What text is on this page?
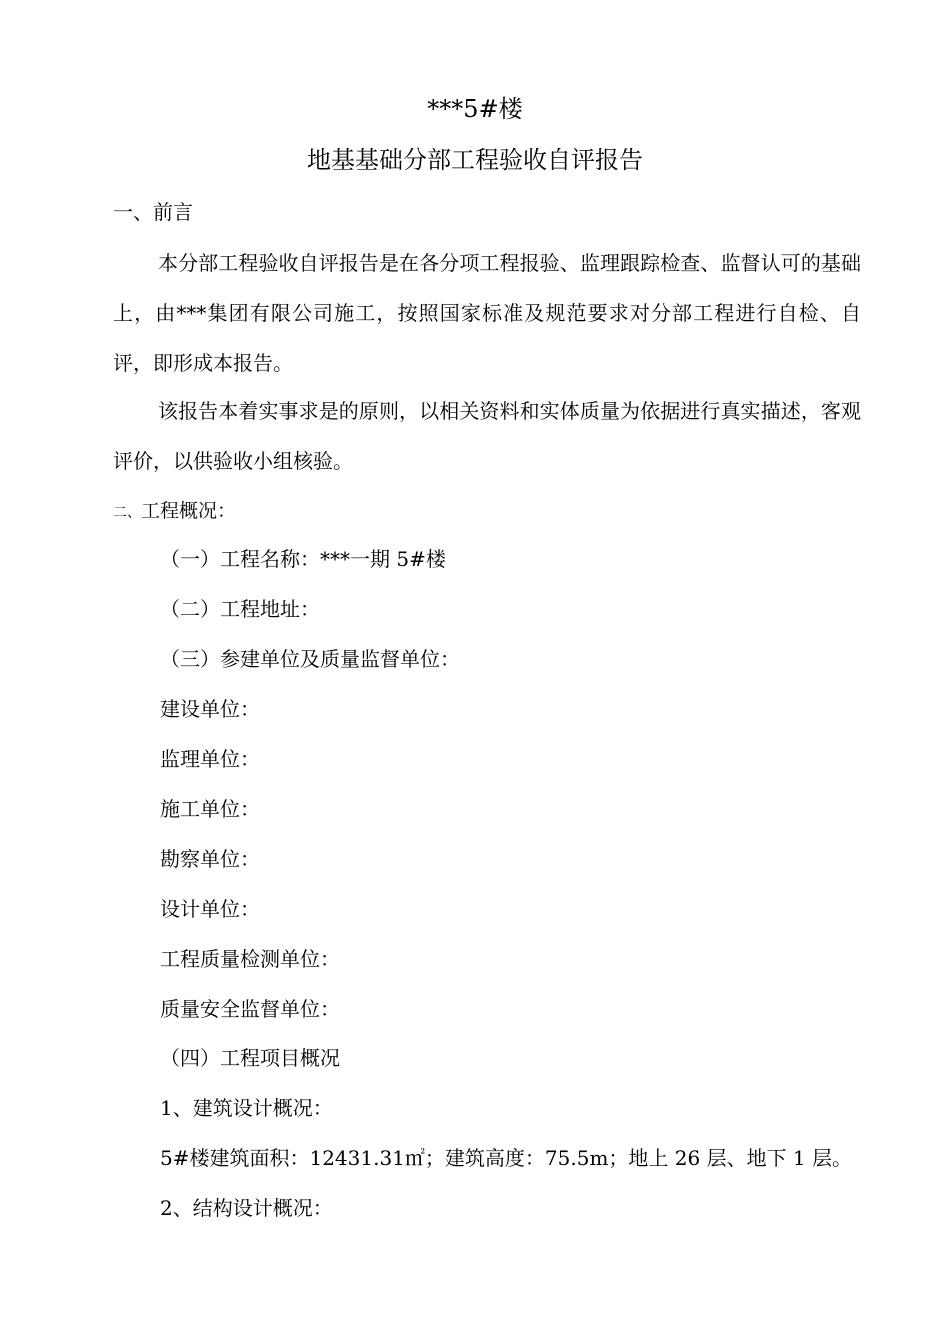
***5#楼
地基基础分部工程验收自评报告
一、前言
本分部工程验收自评报告是在各分项工程报验、监理跟踪检查、监督认可的基础上，由***集团有限公司施工，按照国家标准及规范要求对分部工程进行自检、自评，即形成本报告。
该报告本着实事求是的原则，以相关资料和实体质量为依据进行真实描述，客观评价，以供验收小组核验。
二、工程概况：
（一）工程名称：***一期 5#楼
（二）工程地址：
（三）参建单位及质量监督单位：
建设单位：
监理单位：
施工单位：
勘察单位：
设计单位：
工程质量检测单位：
质量安全监督单位：
（四）工程项目概况
1、建筑设计概况：
5#楼建筑面积：12431.31㎡；建筑高度：75.5m；地上 26 层、地下 1 层。
2、结构设计概况：
